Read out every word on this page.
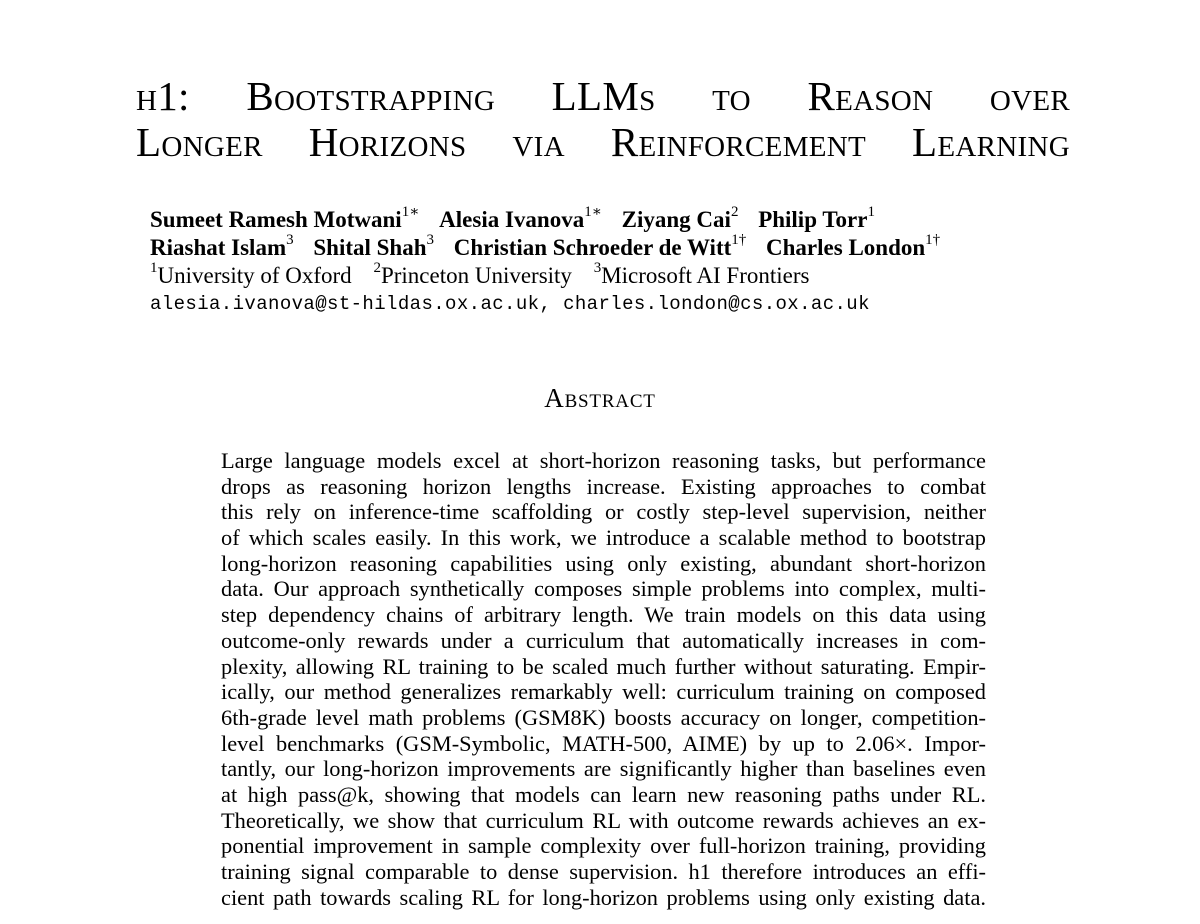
h1: Bootstrapping LLMs to Reason over
Longer Horizons via Reinforcement Learning
Sumeet Ramesh Motwani$^{1∗}$ Alesia Ivanova$^{1∗}$ Ziyang Cai$^2$ Philip Torr$^1$
Riashat Islam$^3$ Shital Shah$^3$ Christian Schroeder de Witt$^{1\dagger}$ Charles London$^{1\dagger}$
$^1$University of Oxford $^2$Princeton University $^3$Microsoft AI Frontiers
alesia.ivanova@st-hildas.ox.ac.uk, charles.london@cs.ox.ac.uk
Abstract
Large language models excel at short-horizon reasoning tasks, but performance
drops as reasoning horizon lengths increase. Existing approaches to combat
this rely on inference-time scaffolding or costly step-level supervision, neither
of which scales easily. In this work, we introduce a scalable method to bootstrap
long-horizon reasoning capabilities using only existing, abundant short-horizon
data. Our approach synthetically composes simple problems into complex, multi-
step dependency chains of arbitrary length. We train models on this data using
outcome-only rewards under a curriculum that automatically increases in com-
plexity, allowing RL training to be scaled much further without saturating. Empir-
ically, our method generalizes remarkably well: curriculum training on composed
6th-grade level math problems (GSM8K) boosts accuracy on longer, competition-
level benchmarks (GSM-Symbolic, MATH-500, AIME) by up to 2.06×. Impor-
tantly, our long-horizon improvements are significantly higher than baselines even
at high pass@k, showing that models can learn new reasoning paths under RL.
Theoretically, we show that curriculum RL with outcome rewards achieves an ex-
ponential improvement in sample complexity over full-horizon training, providing
training signal comparable to dense supervision. h1 therefore introduces an effi-
cient path towards scaling RL for long-horizon problems using only existing data.
